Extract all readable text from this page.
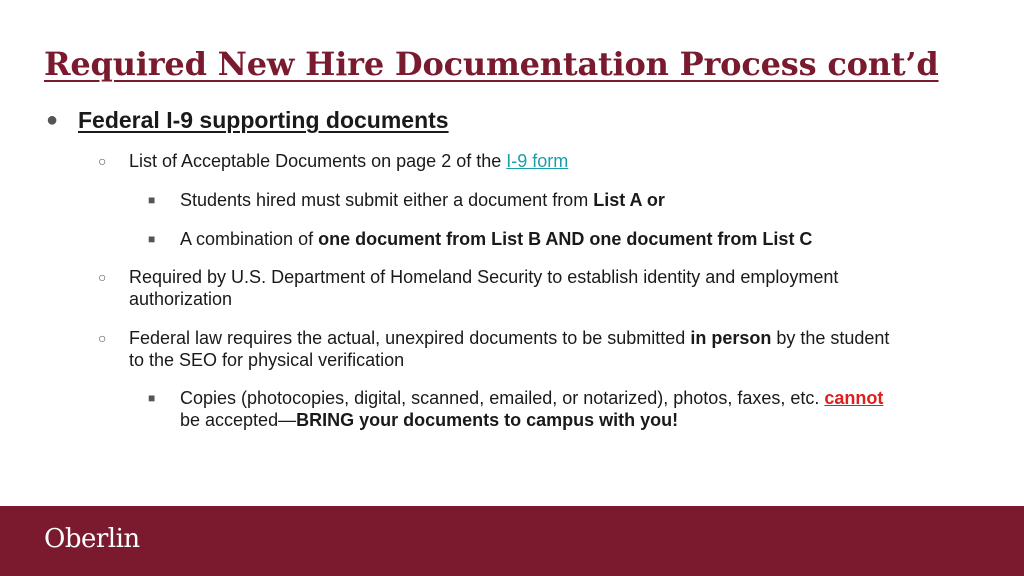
Required New Hire Documentation Process cont’d
● Federal I-9 supporting documents
○ List of Acceptable Documents on page 2 of the I-9 form
■ Students hired must submit either a document from List A or
■ A combination of one document from List B AND one document from List C
○ Required by U.S. Department of Homeland Security to establish identity and employment
authorization
○ Federal law requires the actual, unexpired documents to be submitted in person by the student
to the SEO for physical verification
■ Copies (photocopies, digital, scanned, emailed, or notarized), photos, faxes, etc. cannot
be accepted—BRING your documents to campus with you!
Oberlin
